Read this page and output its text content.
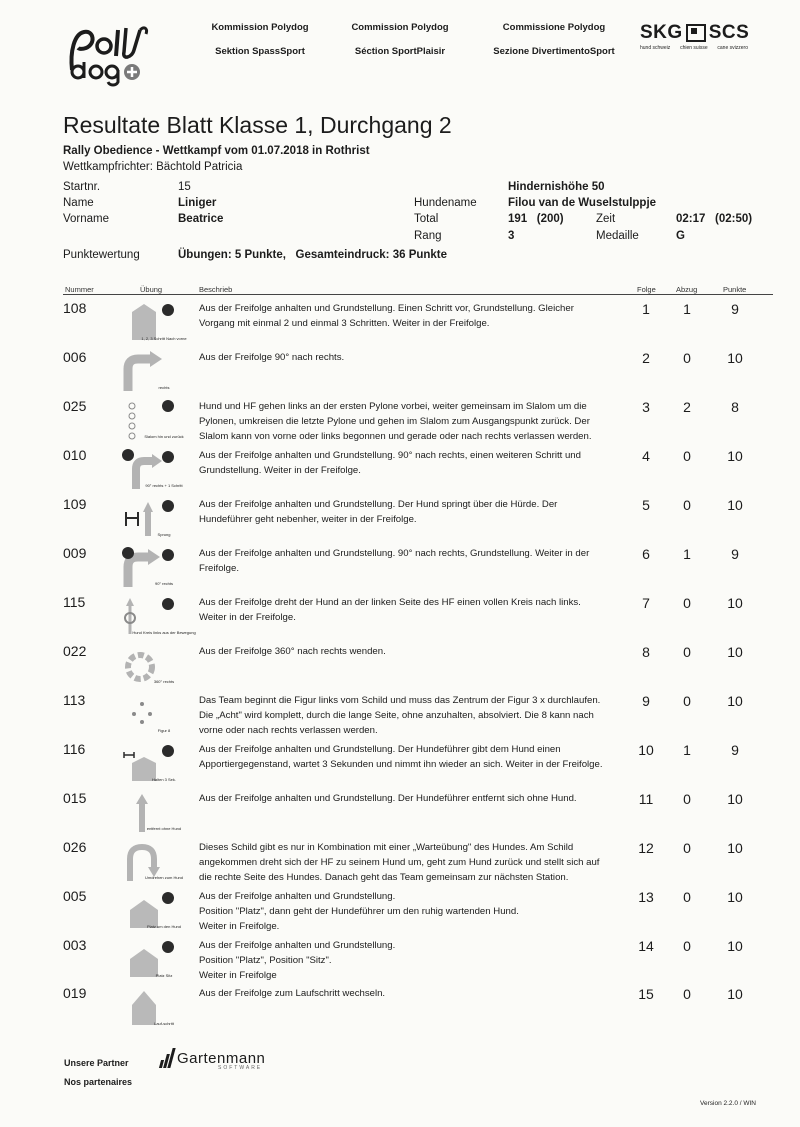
Kommission Polydog
Sektion SpassSport
Commission Polydog
Séction SportPlaisir
Commissione Polydog
Sezione DivertimentoSport
SKG SCS
hund schweiz chien suisse cane svizzero
Resultate Blatt Klasse 1, Durchgang 2
Rally Obedience - Wettkampf vom 01.07.2018 in Rothrist
Wettkampfrichter: Bächtold Patricia
Startnr.	15	Hindernishöhe 50
Name	Liniger	Hundename	Filou van de Wuselstulppje
Vorname	Beatrice	Total	191   (200)	Zeit	02:17   (02:50)
Rang	3	Medaille	G
Punktewertung	Übungen: 5 Punkte,   Gesamteindruck: 36 Punkte
Nummer	Übung	Beschrieb	Folge	Abzug	Punkte
108
1, 2, 3 Schritt Nach vorne
Aus der Freifolge anhalten und Grundstellung. Einen Schritt vor, Grundstellung. Gleicher
Vorgang mit einmal 2 und einmal 3 Schritten. Weiter in der Freifolge.
1	1	9
006
rechts
Aus der Freifolge 90° nach rechts.	2	0	10
025
Slalom hin und zurück
Hund und HF gehen links an der ersten Pylone vorbei, weiter gemeinsam im Slalom um die
Pylonen, umkreisen die letzte Pylone und gehen im Slalom zum Ausgangspunkt zurück. Der
Slalom kann von vorne oder links begonnen und gerade oder nach rechts verlassen werden.
3	2	8
010
90° rechts + 1 Schritt
Aus der Freifolge anhalten und Grundstellung. 90° nach rechts, einen weiteren Schritt und
Grundstellung. Weiter in der Freifolge.
4	0	10
109
Sprung
Aus der Freifolge anhalten und Grundstellung. Der Hund springt über die Hürde. Der
Hundeführer geht nebenher, weiter in der Freifolge.
5	0	10
009
90° rechts
Aus der Freifolge anhalten und Grundstellung. 90° nach rechts, Grundstellung. Weiter in der
Freifolge.
6	1	9
115
Hund Kreis links aus der Bewegung
Aus der Freifolge dreht der Hund an der linken Seite des HF einen vollen Kreis nach links.
Weiter in der Freifolge.
7	0	10
022
360° rechts
Aus der Freifolge 360° nach rechts wenden.	8	0	10
113
Figur 8
Das Team beginnt die Figur links vom Schild und muss das Zentrum der Figur 3 x durchlaufen.
Die „Acht" wird komplett, durch die lange Seite, ohne anzuhalten, absolviert. Die 8 kann nach
vorne oder nach rechts verlassen werden.
9	0	10
116
Halten 3 Sek.
Aus der Freifolge anhalten und Grundstellung. Der Hundeführer gibt dem Hund einen
Apportiergegenstand, wartet 3 Sekunden und nimmt ihn wieder an sich. Weiter in der Freifolge.
10	1	9
015
entfernt ohne Hund
Aus der Freifolge anhalten und Grundstellung. Der Hundeführer entfernt sich ohne Hund.	11	0	10
026
Umdrehen zum Hund
Dieses Schild gibt es nur in Kombination mit einer „Warteübung" des Hundes. Am Schild
angekommen dreht sich der HF zu seinem Hund um, geht zum Hund zurück und stellt sich auf
die rechte Seite des Hundes. Danach geht das Team gemeinsam zur nächsten Station.
12	0	10
005
Platz um den Hund
Aus der Freifolge anhalten und Grundstellung.
Position "Platz", dann geht der Hundeführer um den ruhig wartenden Hund.
Weiter in Freifolge.
13	0	10
003
Platz Sitz
Aus der Freifolge anhalten und Grundstellung.
Position "Platz", Position "Sitz".
Weiter in Freifolge
14	0	10
019
Lauf-schritt
Aus der Freifolge zum Laufschritt wechseln.	15	0	10
Unsere Partner
Nos partenaires
Gartenmann
SOFTWARE
Version 2.2.0 / WIN
